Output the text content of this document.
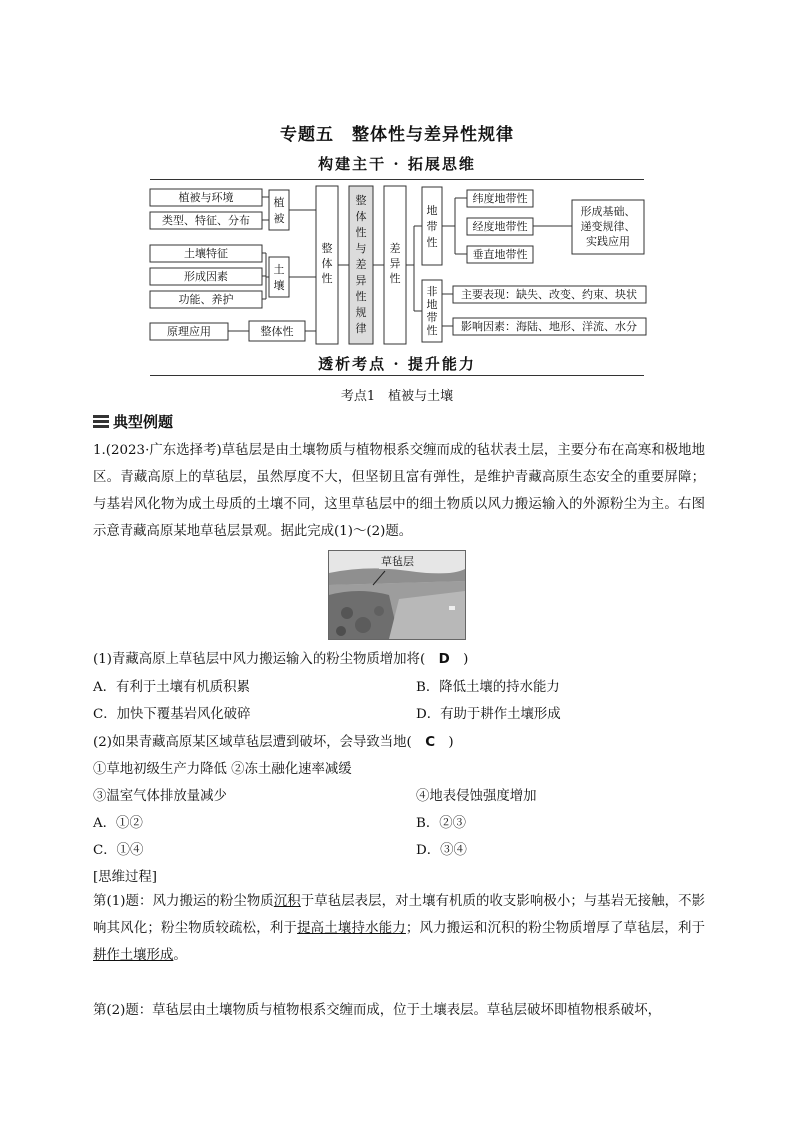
专题五　整体性与差异性规律
构建主干 · 拓展思维
植被与环境
类型、特征、分布
土壤特征
形成因素
功能、养护
原理应用
植
被
土
壤
整体性
整
体
性
整
体
性
与
差
异
性
规
律
差
异
性
地
带
性
非
地
带
性
纬度地带性
经度地带性
垂直地带性
形成基础、
递变规律、
实践应用
主要表现：缺失、改变、约束、块状
影响因素：海陆、地形、洋流、水分
透析考点 · 提升能力
考点1　植被与土壤
典型例题
1.(2023·广东选择考)草毡层是由土壤物质与植物根系交缠而成的毡状表土层，主要分布在高寒和极地地区。青藏高原上的草毡层，虽然厚度不大，但坚韧且富有弹性，是维护青藏高原生态安全的重要屏障；与基岩风化物为成土母质的土壤不同，这里草毡层中的细土物质以风力搬运输入的外源粉尘为主。右图示意青藏高原某地草毡层景观。据此完成(1)～(2)题。
草毡层
(1)青藏高原上草毡层中风力搬运输入的粉尘物质增加将(　D　)
A．有利于土壤有机质积累	B．降低土壤的持水能力
C．加快下覆基岩风化破碎	D．有助于耕作土壤形成
(2)如果青藏高原某区域草毡层遭到破坏，会导致当地(　C　)
①草地初级生产力降低 ②冻土融化速率减缓
③温室气体排放量减少	④地表侵蚀强度增加
A．①②	B．②③
C．①④	D．③④
[思维过程]
第(1)题：风力搬运的粉尘物质沉积于草毡层表层，对土壤有机质的收支影响极小；与基岩无接触，不影响其风化；粉尘物质较疏松，利于提高土壤持水能力；风力搬运和沉积的粉尘物质增厚了草毡层，利于耕作土壤形成。
第(2)题：草毡层由土壤物质与植物根系交缠而成，位于土壤表层。草毡层破坏即植物根系破坏，
